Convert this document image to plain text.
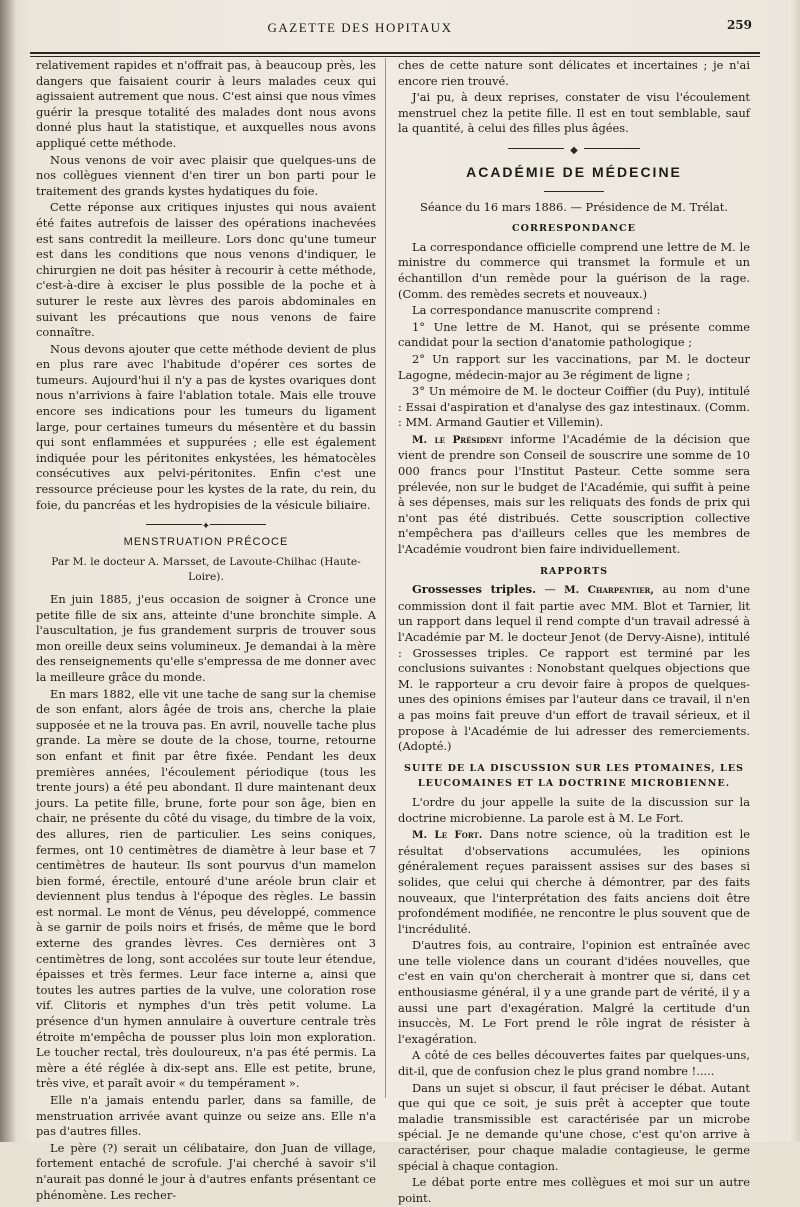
GAZETTE DES HOPITAUX	259

relativement rapides et n'offrait pas, à beaucoup près, les dangers que faisaient courir à leurs malades ceux qui agissaient autrement que nous. C'est ainsi que nous vîmes guérir la presque totalité des malades dont nous avons donné plus haut la statistique, et auxquelles nous avons appliqué cette méthode.

Nous venons de voir avec plaisir que quelques-uns de nos collègues viennent d'en tirer un bon parti pour le traitement des grands kystes hydatiques du foie.

Cette réponse aux critiques injustes qui nous avaient été faites autrefois de laisser des opérations inachevées est sans contredit la meilleure. Lors donc qu'une tumeur est dans les conditions que nous venons d'indiquer, le chirurgien ne doit pas hésiter à recourir à cette méthode, c'est-à-dire à exciser le plus possible de la poche et à suturer le reste aux lèvres des parois abdominales en suivant les précautions que nous venons de faire connaître.

Nous devons ajouter que cette méthode devient de plus en plus rare avec l'habitude d'opérer ces sortes de tumeurs. Aujourd'hui il n'y a pas de kystes ovariques dont nous n'arrivions à faire l'ablation totale. Mais elle trouve encore ses indications pour les tumeurs du ligament large, pour certaines tumeurs du mésentère et du bassin qui sont enflammées et suppurées ; elle est également indiquée pour les péritonites enkystées, les hématocèles consécutives aux pelvi-péritonites. Enfin c'est une ressource précieuse pour les kystes de la rate, du rein, du foie, du pancréas et les hydropisies de la vésicule biliaire.

✦
MENSTRUATION PRÉCOCE
Par M. le docteur A. Marsset, de Lavoute-Chilhac (Haute-Loire).

En juin 1885, j'eus occasion de soigner à Cronce une petite fille de six ans, atteinte d'une bronchite simple. A l'auscultation, je fus grandement surpris de trouver sous mon oreille deux seins volumineux. Je demandai à la mère des renseignements qu'elle s'empressa de me donner avec la meilleure grâce du monde.

En mars 1882, elle vit une tache de sang sur la chemise de son enfant, alors âgée de trois ans, cherche la plaie supposée et ne la trouva pas. En avril, nouvelle tache plus grande. La mère se doute de la chose, tourne, retourne son enfant et finit par être fixée. Pendant les deux premières années, l'écoulement périodique (tous les trente jours) a été peu abondant. Il dure maintenant deux jours. La petite fille, brune, forte pour son âge, bien en chair, ne présente du côté du visage, du timbre de la voix, des allures, rien de particulier. Les seins coniques, fermes, ont 10 centimètres de diamètre à leur base et 7 centimètres de hauteur. Ils sont pourvus d'un mamelon bien formé, érectile, entouré d'une aréole brun clair et deviennent plus tendus à l'époque des règles. Le bassin est normal. Le mont de Vénus, peu développé, commence à se garnir de poils noirs et frisés, de même que le bord externe des grandes lèvres. Ces dernières ont 3 centimètres de long, sont accolées sur toute leur étendue, épaisses et très fermes. Leur face interne a, ainsi que toutes les autres parties de la vulve, une coloration rose vif. Clitoris et nymphes d'un très petit volume. La présence d'un hymen annulaire à ouverture centrale très étroite m'empêcha de pousser plus loin mon exploration. Le toucher rectal, très douloureux, n'a pas été permis. La mère a été réglée à dix-sept ans. Elle est petite, brune, très vive, et paraît avoir « du tempérament ».

Elle n'a jamais entendu parler, dans sa famille, de menstruation arrivée avant quinze ou seize ans. Elle n'a pas d'autres filles.

Le père (?) serait un célibataire, don Juan de village, fortement entaché de scrofule. J'ai cherché à savoir s'il n'aurait pas donné le jour à d'autres enfants présentant ce phénomène. Les recher-

ches de cette nature sont délicates et incertaines ; je n'ai encore rien trouvé.

J'ai pu, à deux reprises, constater de visu l'écoulement menstruel chez la petite fille. Il est en tout semblable, sauf la quantité, à celui des filles plus âgées.

◆
ACADÉMIE DE MÉDECINE
Séance du 16 mars 1886. — Présidence de M. Trélat.
CORRESPONDANCE

La correspondance officielle comprend une lettre de M. le ministre du commerce qui transmet la formule et un échantillon d'un remède pour la guérison de la rage. (Comm. des remèdes secrets et nouveaux.)

La correspondance manuscrite comprend :

1° Une lettre de M. Hanot, qui se présente comme candidat pour la section d'anatomie pathologique ;

2° Un rapport sur les vaccinations, par M. le docteur Lagogne, médecin-major au 3e régiment de ligne ;

3° Un mémoire de M. le docteur Coiffier (du Puy), intitulé : Essai d'aspiration et d'analyse des gaz intestinaux. (Comm. : MM. Armand Gautier et Villemin).

M. le Président informe l'Académie de la décision que vient de prendre son Conseil de souscrire une somme de 10 000 francs pour l'Institut Pasteur. Cette somme sera prélevée, non sur le budget de l'Académie, qui suffit à peine à ses dépenses, mais sur les reliquats des fonds de prix qui n'ont pas été distribués. Cette souscription collective n'empêchera pas d'ailleurs celles que les membres de l'Académie voudront bien faire individuellement.

RAPPORTS

Grossesses triples. — M. Charpentier, au nom d'une commission dont il fait partie avec MM. Blot et Tarnier, lit un rapport dans lequel il rend compte d'un travail adressé à l'Académie par M. le docteur Jenot (de Dervy-Aisne), intitulé : Grossesses triples. Ce rapport est terminé par les conclusions suivantes : Nonobstant quelques objections que M. le rapporteur a cru devoir faire à propos de quelques-unes des opinions émises par l'auteur dans ce travail, il n'en a pas moins fait preuve d'un effort de travail sérieux, et il propose à l'Académie de lui adresser des remerciements. (Adopté.)

SUITE DE LA DISCUSSION SUR LES PTOMAINES, LES LEUCOMAINES ET LA DOCTRINE MICROBIENNE.

L'ordre du jour appelle la suite de la discussion sur la doctrine microbienne. La parole est à M. Le Fort.

M. Le Fort. Dans notre science, où la tradition est le résultat d'observations accumulées, les opinions généralement reçues paraissent assises sur des bases si solides, que celui qui cherche à démontrer, par des faits nouveaux, que l'interprétation des faits anciens doit être profondément modifiée, ne rencontre le plus souvent que de l'incrédulité.

D'autres fois, au contraire, l'opinion est entraînée avec une telle violence dans un courant d'idées nouvelles, que c'est en vain qu'on chercherait à montrer que si, dans cet enthousiasme général, il y a une grande part de vérité, il y a aussi une part d'exagération. Malgré la certitude d'un insuccès, M. Le Fort prend le rôle ingrat de résister à l'exagération.

A côté de ces belles découvertes faites par quelques-uns, dit-il, que de confusion chez le plus grand nombre !.....

Dans un sujet si obscur, il faut préciser le débat. Autant que qui que ce soit, je suis prêt à accepter que toute maladie transmissible est caractérisée par un microbe spécial. Je ne demande qu'une chose, c'est qu'on arrive à caractériser, pour chaque maladie contagieuse, le germe spécial à chaque contagion.

Le débat porte entre mes collègues et moi sur un autre point.
